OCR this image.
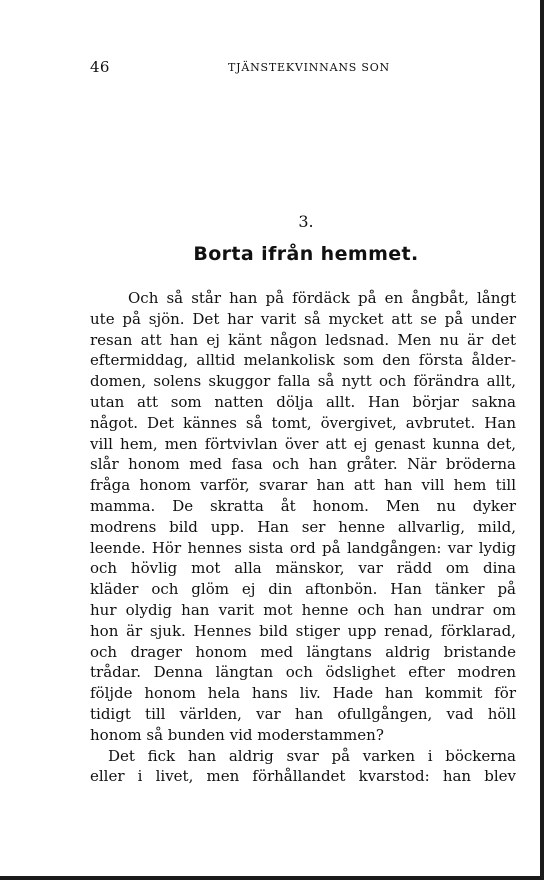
46	TJÄNSTEKVINNANS SON
3.
Borta ifrån hemmet.
Och så står han på fördäck på en ångbåt, långt
ute på sjön. Det har varit så mycket att se på under
resan att han ej känt någon ledsnad. Men nu är det
eftermiddag, alltid melankolisk som den första ålder-
domen, solens skuggor falla så nytt och förändra allt,
utan att som natten dölja allt. Han börjar sakna
något. Det kännes så tomt, övergivet, avbrutet. Han
vill hem, men förtvivlan över att ej genast kunna det,
slår honom med fasa och han gråter. När bröderna
fråga honom varför, svarar han att han vill hem till
mamma. De skratta åt honom. Men nu dyker
modrens bild upp. Han ser henne allvarlig, mild,
leende. Hör hennes sista ord på landgången: var lydig
och hövlig mot alla mänskor, var rädd om dina
kläder och glöm ej din aftonbön. Han tänker på
hur olydig han varit mot henne och han undrar om
hon är sjuk. Hennes bild stiger upp renad, förklarad,
och drager honom med längtans aldrig bristande
trådar. Denna längtan och ödslighet efter modren
följde honom hela hans liv. Hade han kommit för
tidigt till världen, var han ofullgången, vad höll
honom så bunden vid moderstammen?
Det fick han aldrig svar på varken i böckerna
eller i livet, men förhållandet kvarstod: han blev
